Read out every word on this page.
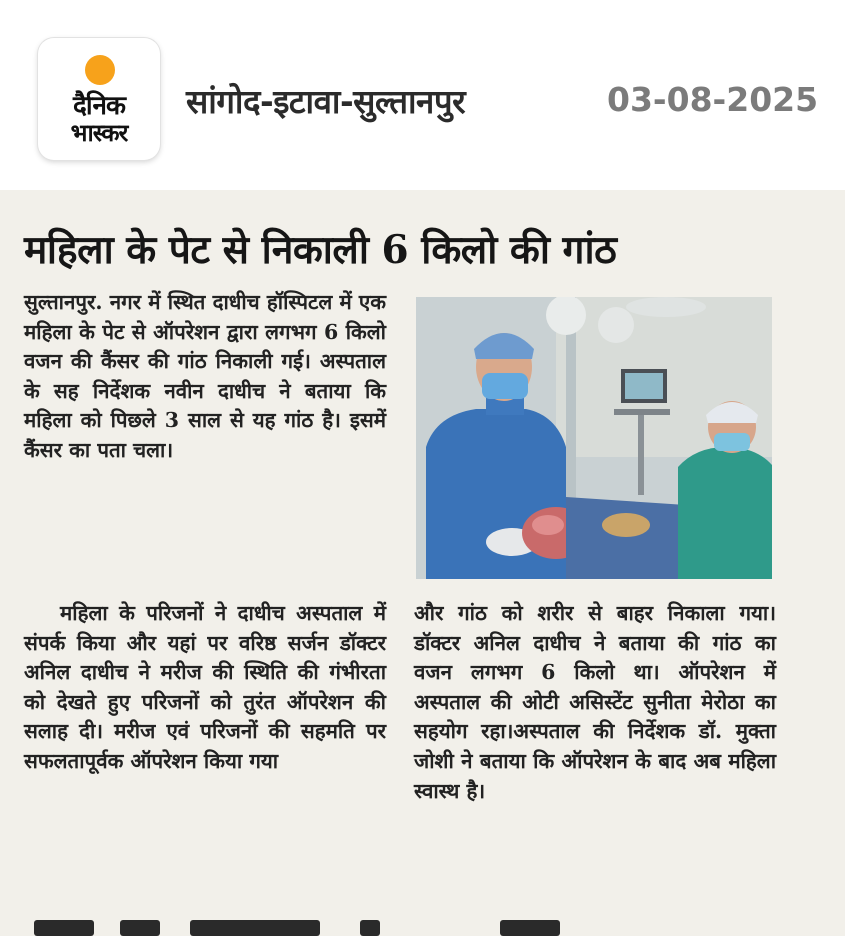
दैनिक
भास्कर
सांगोद-इटावा-सुल्तानपुर	03-08-2025
महिला के पेट से निकाली 6 किलो की गांठ

सुल्तानपुर. नगर में स्थित दाधीच हॉस्पिटल में एक महिला के पेट से ऑपरेशन द्वारा लगभग 6 किलो वजन की कैंसर की गांठ निकाली गई। अस्पताल के सह निर्देशक नवीन दाधीच ने बताया कि महिला को पिछले 3 साल से यह गांठ है। इसमें कैंसर का पता चला।

महिला के परिजनों ने दाधीच अस्पताल में संपर्क किया और यहां पर वरिष्ठ सर्जन डॉक्टर अनिल दाधीच ने मरीज की स्थिति की गंभीरता को देखते हुए परिजनों को तुरंत ऑपरेशन की सलाह दी। मरीज एवं परिजनों की सहमति पर सफलतापूर्वक ऑपरेशन किया गया

और गांठ को शरीर से बाहर निकाला गया। डॉक्टर अनिल दाधीच ने बताया की गांठ का वजन लगभग 6 किलो था। ऑपरेशन में अस्पताल की ओटी असिस्टेंट सुनीता मेरोठा का सहयोग रहा।अस्पताल की निर्देशक डॉ. मुक्ता जोशी ने बताया कि ऑपरेशन के बाद अब महिला स्वास्थ है।
